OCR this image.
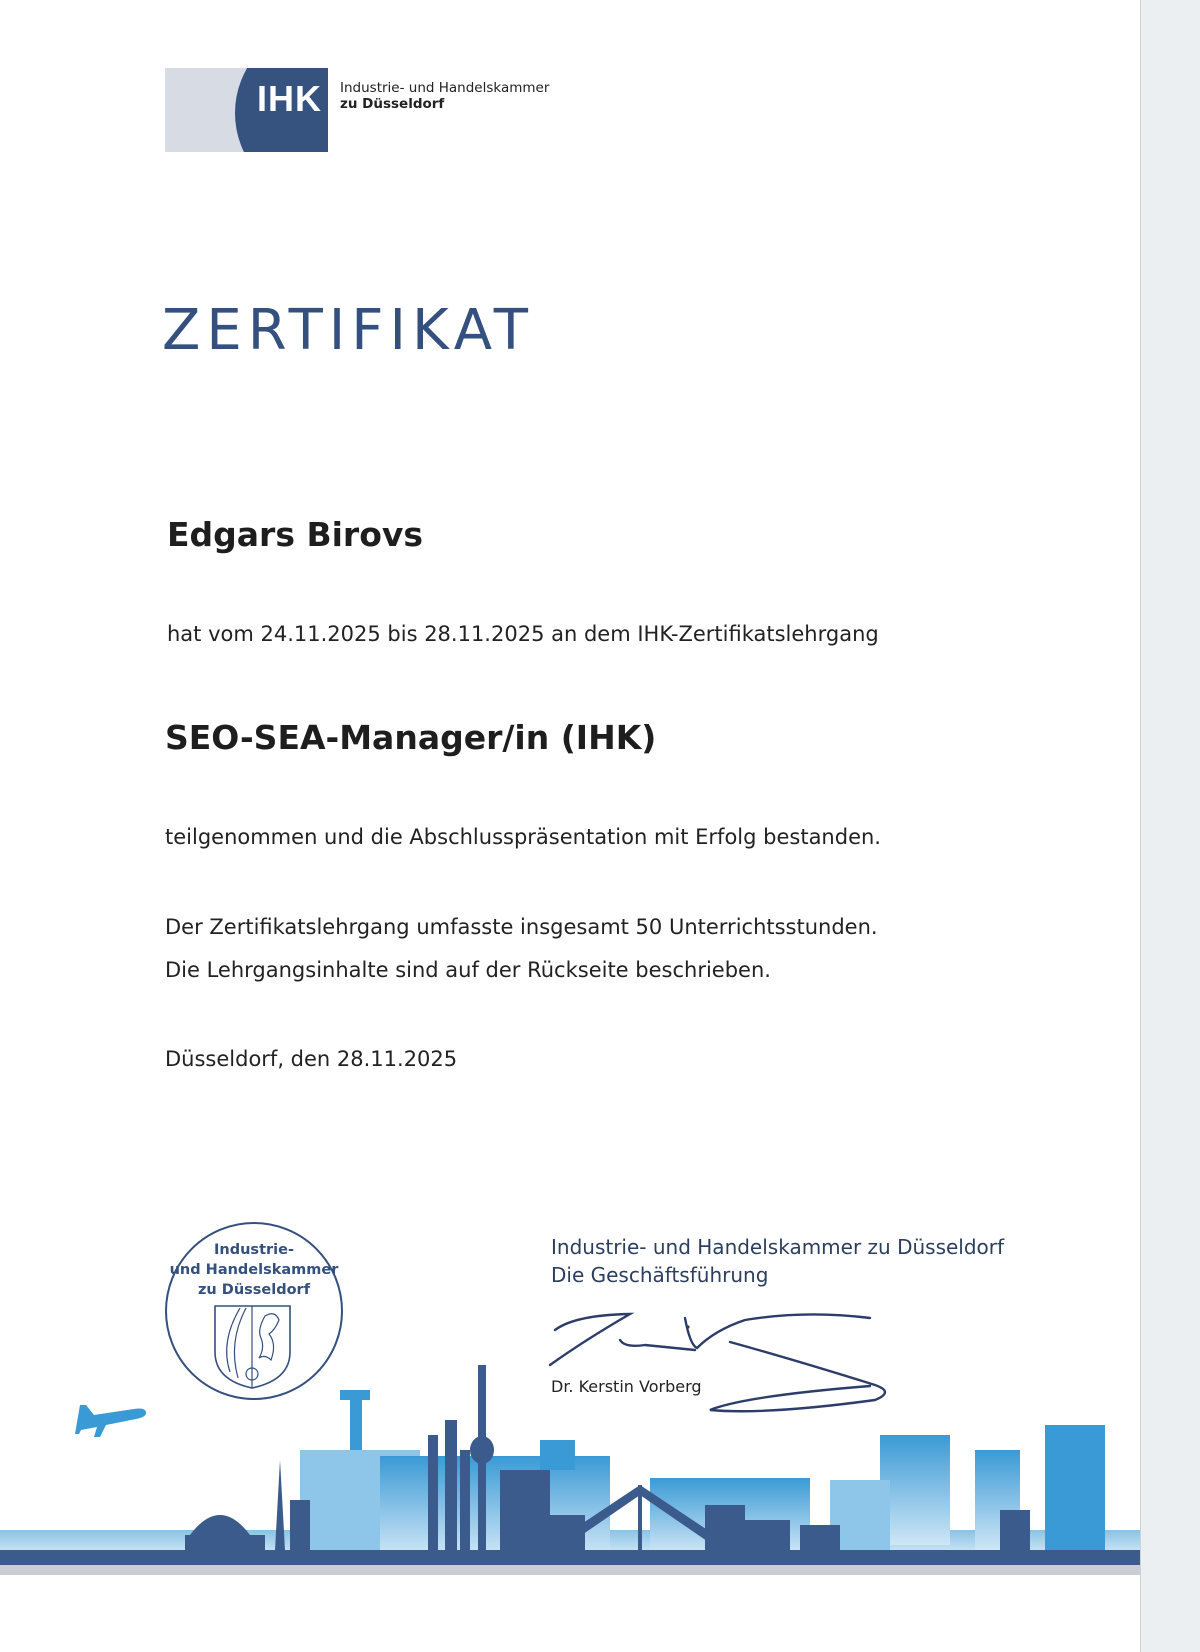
IHK Industrie- und Handelskammer
zu Düsseldorf
ZERTIFIKAT
Edgars Birovs
hat vom 24.11.2025 bis 28.11.2025 an dem IHK-Zertifikatslehrgang
SEO-SEA-Manager/in (IHK)
teilgenommen und die Abschlusspräsentation mit Erfolg bestanden.
Der Zertifikatslehrgang umfasste insgesamt 50 Unterrichtsstunden.
Die Lehrgangsinhalte sind auf der Rückseite beschrieben.
Düsseldorf, den 28.11.2025
Industrie-
und Handelskammer
zu Düsseldorf
Industrie- und Handelskammer zu Düsseldorf
Die Geschäftsführung
Dr. Kerstin Vorberg
